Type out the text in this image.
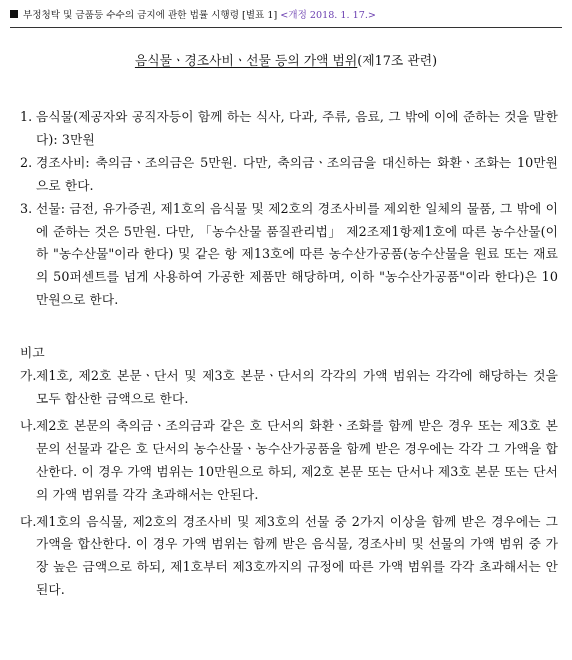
부정청탁 및 금품등 수수의 금지에 관한 법률 시행령 [별표 1] <개정 2018. 1. 17.>
음식물ㆍ경조사비ㆍ선물 등의 가액 범위(제17조 관련)
1. 음식물(제공자와 공직자등이 함께 하는 식사, 다과, 주류, 음료, 그 밖에 이에 준하는 것을 말한다): 3만원
2. 경조사비: 축의금ㆍ조의금은 5만원. 다만, 축의금ㆍ조의금을 대신하는 화환ㆍ조화는 10만원으로 한다.
3. 선물: 금전, 유가증권, 제1호의 음식물 및 제2호의 경조사비를 제외한 일체의 물품, 그 밖에 이에 준하는 것은 5만원. 다만, 「농수산물 품질관리법」 제2조제1항제1호에 따른 농수산물(이하 "농수산물"이라 한다) 및 같은 항 제13호에 따른 농수산가공품(농수산물을 원료 또는 재료의 50퍼센트를 넘게 사용하여 가공한 제품만 해당하며, 이하 "농수산가공품"이라 한다)은 10만원으로 한다.
비고
가. 제1호, 제2호 본문ㆍ단서 및 제3호 본문ㆍ단서의 각각의 가액 범위는 각각에 해당하는 것을 모두 합산한 금액으로 한다.
나. 제2호 본문의 축의금ㆍ조의금과 같은 호 단서의 화환ㆍ조화를 함께 받은 경우 또는 제3호 본문의 선물과 같은 호 단서의 농수산물ㆍ농수산가공품을 함께 받은 경우에는 각각 그 가액을 합산한다. 이 경우 가액 범위는 10만원으로 하되, 제2호 본문 또는 단서나 제3호 본문 또는 단서의 가액 범위를 각각 초과해서는 안된다.
다. 제1호의 음식물, 제2호의 경조사비 및 제3호의 선물 중 2가지 이상을 함께 받은 경우에는 그 가액을 합산한다. 이 경우 가액 범위는 함께 받은 음식물, 경조사비 및 선물의 가액 범위 중 가장 높은 금액으로 하되, 제1호부터 제3호까지의 규정에 따른 가액 범위를 각각 초과해서는 안 된다.
